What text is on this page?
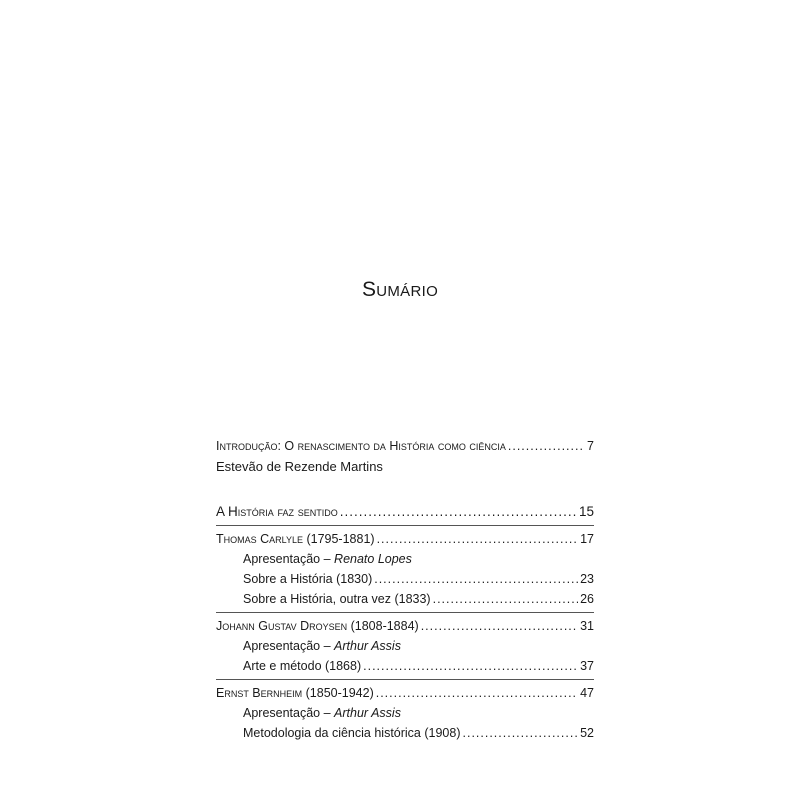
Sumário
Introdução: O renascimento da História como ciência .....	7
Estevão de Rezende Martins
A História faz sentido .....	15
Thomas Carlyle (1795-1881) .....	17
Apresentação – Renato Lopes
Sobre a História (1830) .....	23
Sobre a História, outra vez (1833) .....	26
Johann Gustav Droysen (1808-1884) .....	31
Apresentação – Arthur Assis
Arte e método (1868) .....	37
Ernst Bernheim (1850-1942) .....	47
Apresentação – Arthur Assis
Metodologia da ciência histórica (1908) .....	52
